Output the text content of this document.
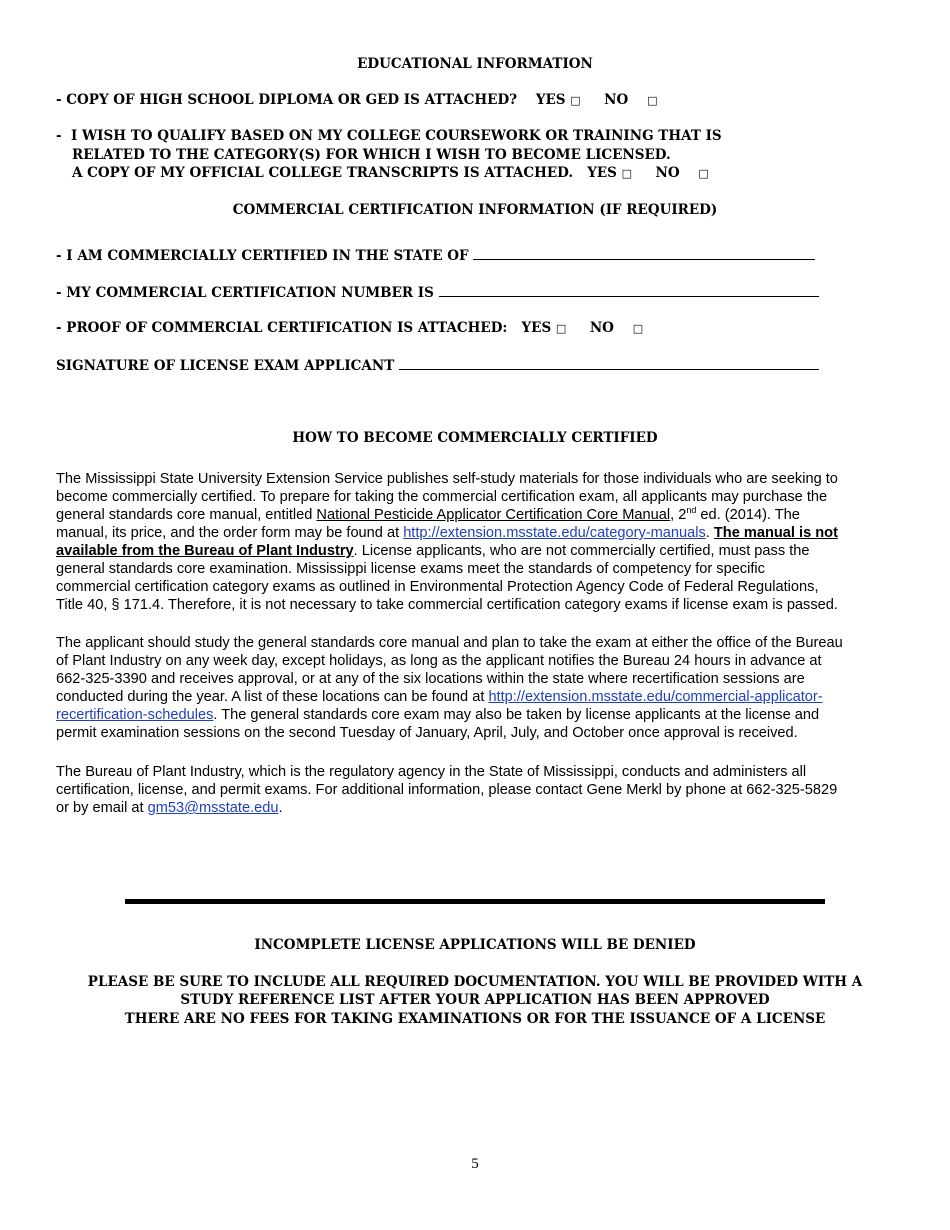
EDUCATIONAL INFORMATION
- COPY OF HIGH SCHOOL DIPLOMA OR GED IS ATTACHED? YES □ NO □
-  I WISH TO QUALIFY BASED ON MY COLLEGE COURSEWORK OR TRAINING THAT IS
RELATED TO THE CATEGORY(S) FOR WHICH I WISH TO BECOME LICENSED.
A COPY OF MY OFFICIAL COLLEGE TRANSCRIPTS IS ATTACHED. YES □ NO □
COMMERCIAL CERTIFICATION INFORMATION (IF REQUIRED)
- I AM COMMERCIALLY CERTIFIED IN THE STATE OF
- MY COMMERCIAL CERTIFICATION NUMBER IS
- PROOF OF COMMERCIAL CERTIFICATION IS ATTACHED: YES □ NO □
SIGNATURE OF LICENSE EXAM APPLICANT
HOW TO BECOME COMMERCIALLY CERTIFIED
The Mississippi State University Extension Service publishes self-study materials for those individuals who are seeking to
become commercially certified. To prepare for taking the commercial certification exam, all applicants may purchase the
general standards core manual, entitled National Pesticide Applicator Certification Core Manual, 2nd ed. (2014). The
manual, its price, and the order form may be found at http://extension.msstate.edu/category-manuals. The manual is not
available from the Bureau of Plant Industry. License applicants, who are not commercially certified, must pass the
general standards core examination. Mississippi license exams meet the standards of competency for specific
commercial certification category exams as outlined in Environmental Protection Agency Code of Federal Regulations,
Title 40, § 171.4. Therefore, it is not necessary to take commercial certification category exams if license exam is passed.
The applicant should study the general standards core manual and plan to take the exam at either the office of the Bureau
of Plant Industry on any week day, except holidays, as long as the applicant notifies the Bureau 24 hours in advance at
662-325-3390 and receives approval, or at any of the six locations within the state where recertification sessions are
conducted during the year. A list of these locations can be found at http://extension.msstate.edu/commercial-applicator-
recertification-schedules. The general standards core exam may also be taken by license applicants at the license and
permit examination sessions on the second Tuesday of January, April, July, and October once approval is received.
The Bureau of Plant Industry, which is the regulatory agency in the State of Mississippi, conducts and administers all
certification, license, and permit exams. For additional information, please contact Gene Merkl by phone at 662-325-5829
or by email at gm53@msstate.edu.
INCOMPLETE LICENSE APPLICATIONS WILL BE DENIED
PLEASE BE SURE TO INCLUDE ALL REQUIRED DOCUMENTATION. YOU WILL BE PROVIDED WITH A
STUDY REFERENCE LIST AFTER YOUR APPLICATION HAS BEEN APPROVED
THERE ARE NO FEES FOR TAKING EXAMINATIONS OR FOR THE ISSUANCE OF A LICENSE
5
